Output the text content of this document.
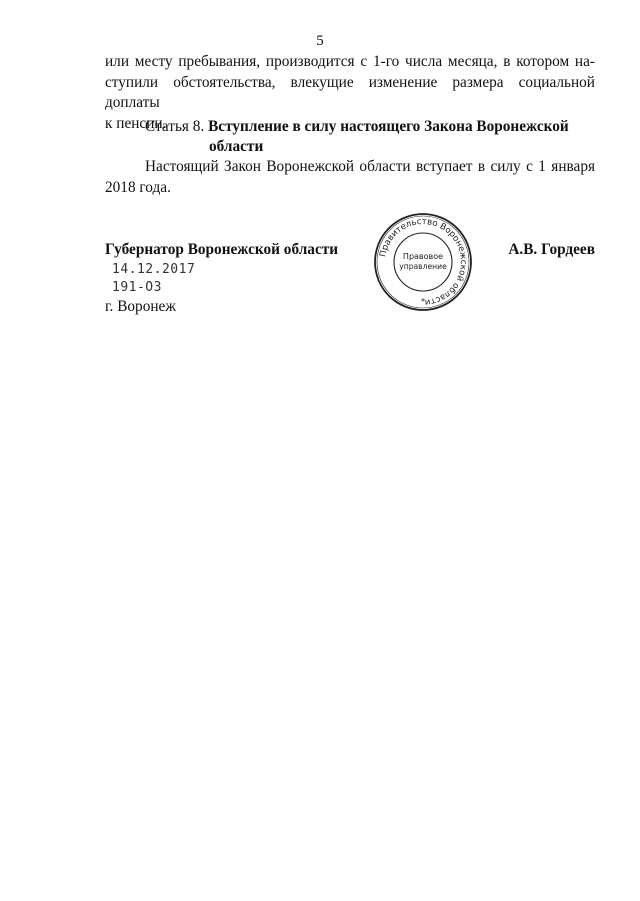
5
или месту пребывания, производится с 1-го числа месяца, в котором на-
ступили обстоятельства, влекущие изменение размера социальной доплаты
к пенсии.
Статья 8. Вступление в силу настоящего Закона Воронежской
области
Настоящий Закон Воронежской области вступает в силу с 1 января
2018 года.
Губернатор Воронежской области	А.В. Гордеев
14.12.2017
191-ОЗ
г. Воронеж
Правительство Воронежской области
Правовое
управление
*
